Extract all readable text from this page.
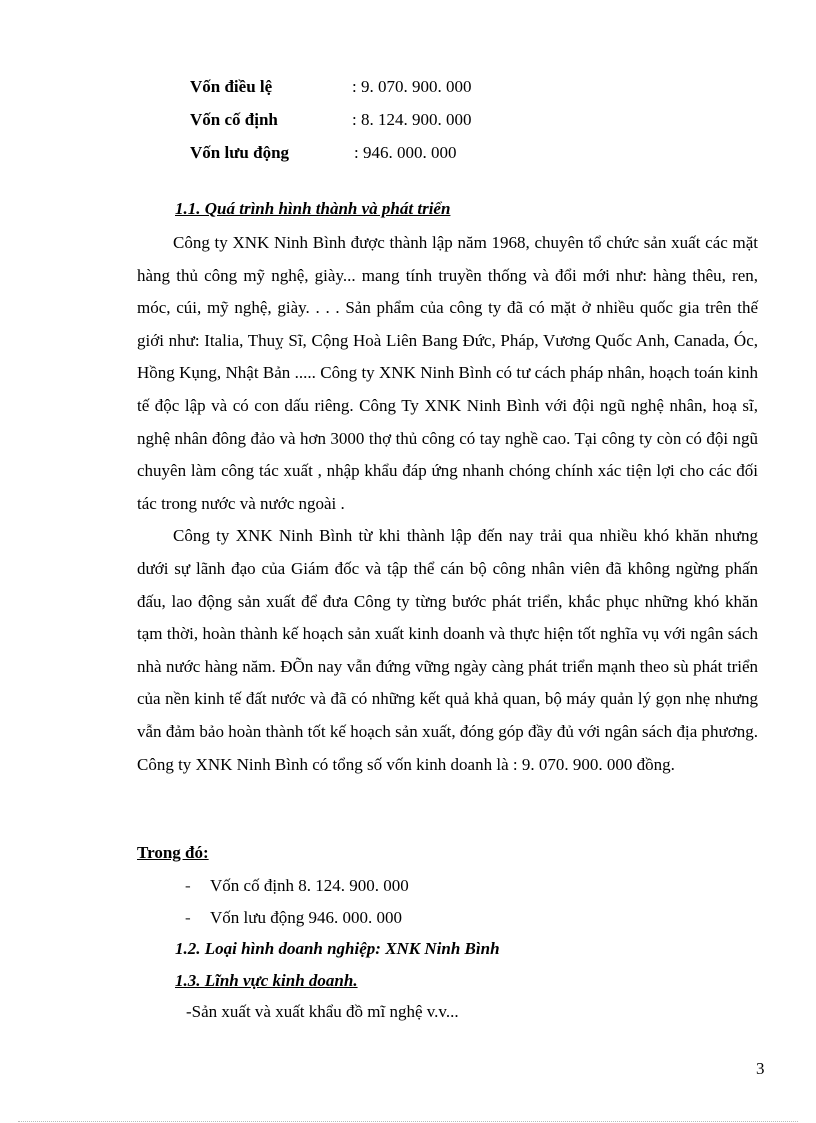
Vốn điều lệ	: 9. 070. 900. 000
Vốn cố định	: 8. 124. 900. 000
Vốn lưu động	: 946. 000. 000
1.1. Quá trình hình thành và phát triển

Công ty XNK Ninh Bình được thành lập năm 1968, chuyên tổ chức sản xuất các mặt hàng thủ công mỹ nghệ, giày... mang tính truyền thống và đổi mới như: hàng thêu, ren, móc, cúi, mỹ nghệ, giày. . . . Sản phẩm của công ty đã có mặt ở nhiều quốc gia trên thế giới như: Italia, Thuỵ Sĩ, Cộng Hoà Liên Bang Đức, Pháp, Vương Quốc Anh, Canada, Óc, Hồng Kụng, Nhật Bản ..... Công ty XNK Ninh Bình có tư cách pháp nhân, hoạch toán kinh tế độc lập và có con dấu riêng. Công Ty XNK Ninh Bình với đội ngũ nghệ nhân, hoạ sĩ, nghệ nhân đông đảo và hơn 3000 thợ thủ công có tay nghề cao. Tại công ty còn có đội ngũ chuyên làm công tác xuất , nhập khẩu đáp ứng nhanh chóng chính xác tiện lợi cho các đối tác trong nước và nước ngoài .

Công ty XNK Ninh Bình từ khi thành lập đến nay trải qua nhiều khó khăn nhưng dưới sự lãnh đạo của Giám đốc và tập thể cán bộ công nhân viên đã không ngừng phấn đấu, lao động sản xuất để đưa Công ty từng bước phát triển, khắc phục những khó khăn tạm thời, hoàn thành kế hoạch sản xuất kinh doanh và thực hiện tốt nghĩa vụ với ngân sách nhà nước hàng năm. ĐÕn nay vẫn đứng vững ngày càng phát triển mạnh theo sù phát triển của nền kinh tế đất nước và đã có những kết quả khả quan, bộ máy quản lý gọn nhẹ nhưng vẫn đảm bảo hoàn thành tốt kế hoạch sản xuất, đóng góp đầy đủ với ngân sách địa phương. Công ty XNK Ninh Bình có tổng số vốn kinh doanh là : 9. 070. 900. 000 đồng.

Trong đó:
- Vốn cố định 8. 124. 900. 000
- Vốn lưu động 946. 000. 000
1.2. Loại hình doanh nghiệp: XNK Ninh Bình
1.3. Lĩnh vực kinh doanh.
-Sản xuất và xuất khẩu đồ mĩ nghệ v.v...
3
